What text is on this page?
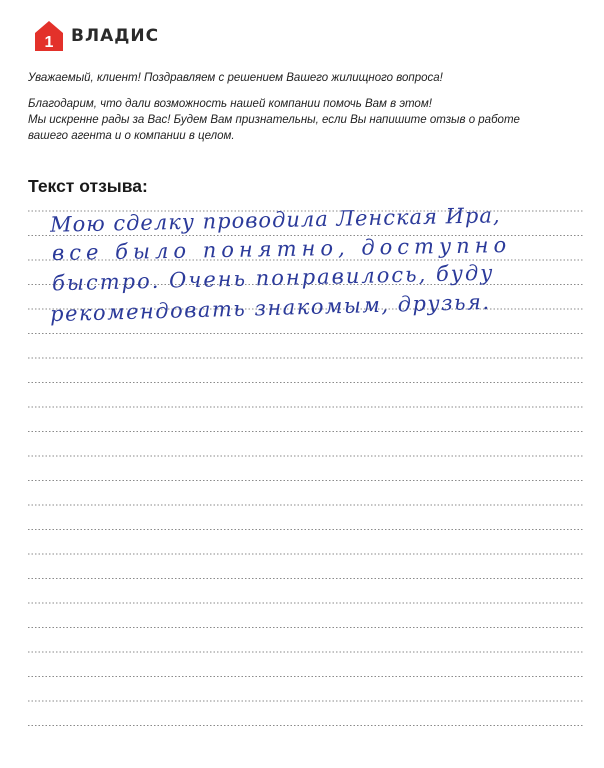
1 ВЛАДИС

Уважаемый, клиент! Поздравляем с решением Вашего жилищного вопроса!

Благодарим, что дали возможность нашей компании помочь Вам в этом!
Мы искренне рады за Вас! Будем Вам признательны, если Вы напишите отзыв о работе
вашего агента и о компании в целом.

Текст отзыва:
Мою сделку проводила Ленская Ира,
все было понятно, доступно
быстро. Очень понравилось, буду
рекомендовать знакомым, друзья.
